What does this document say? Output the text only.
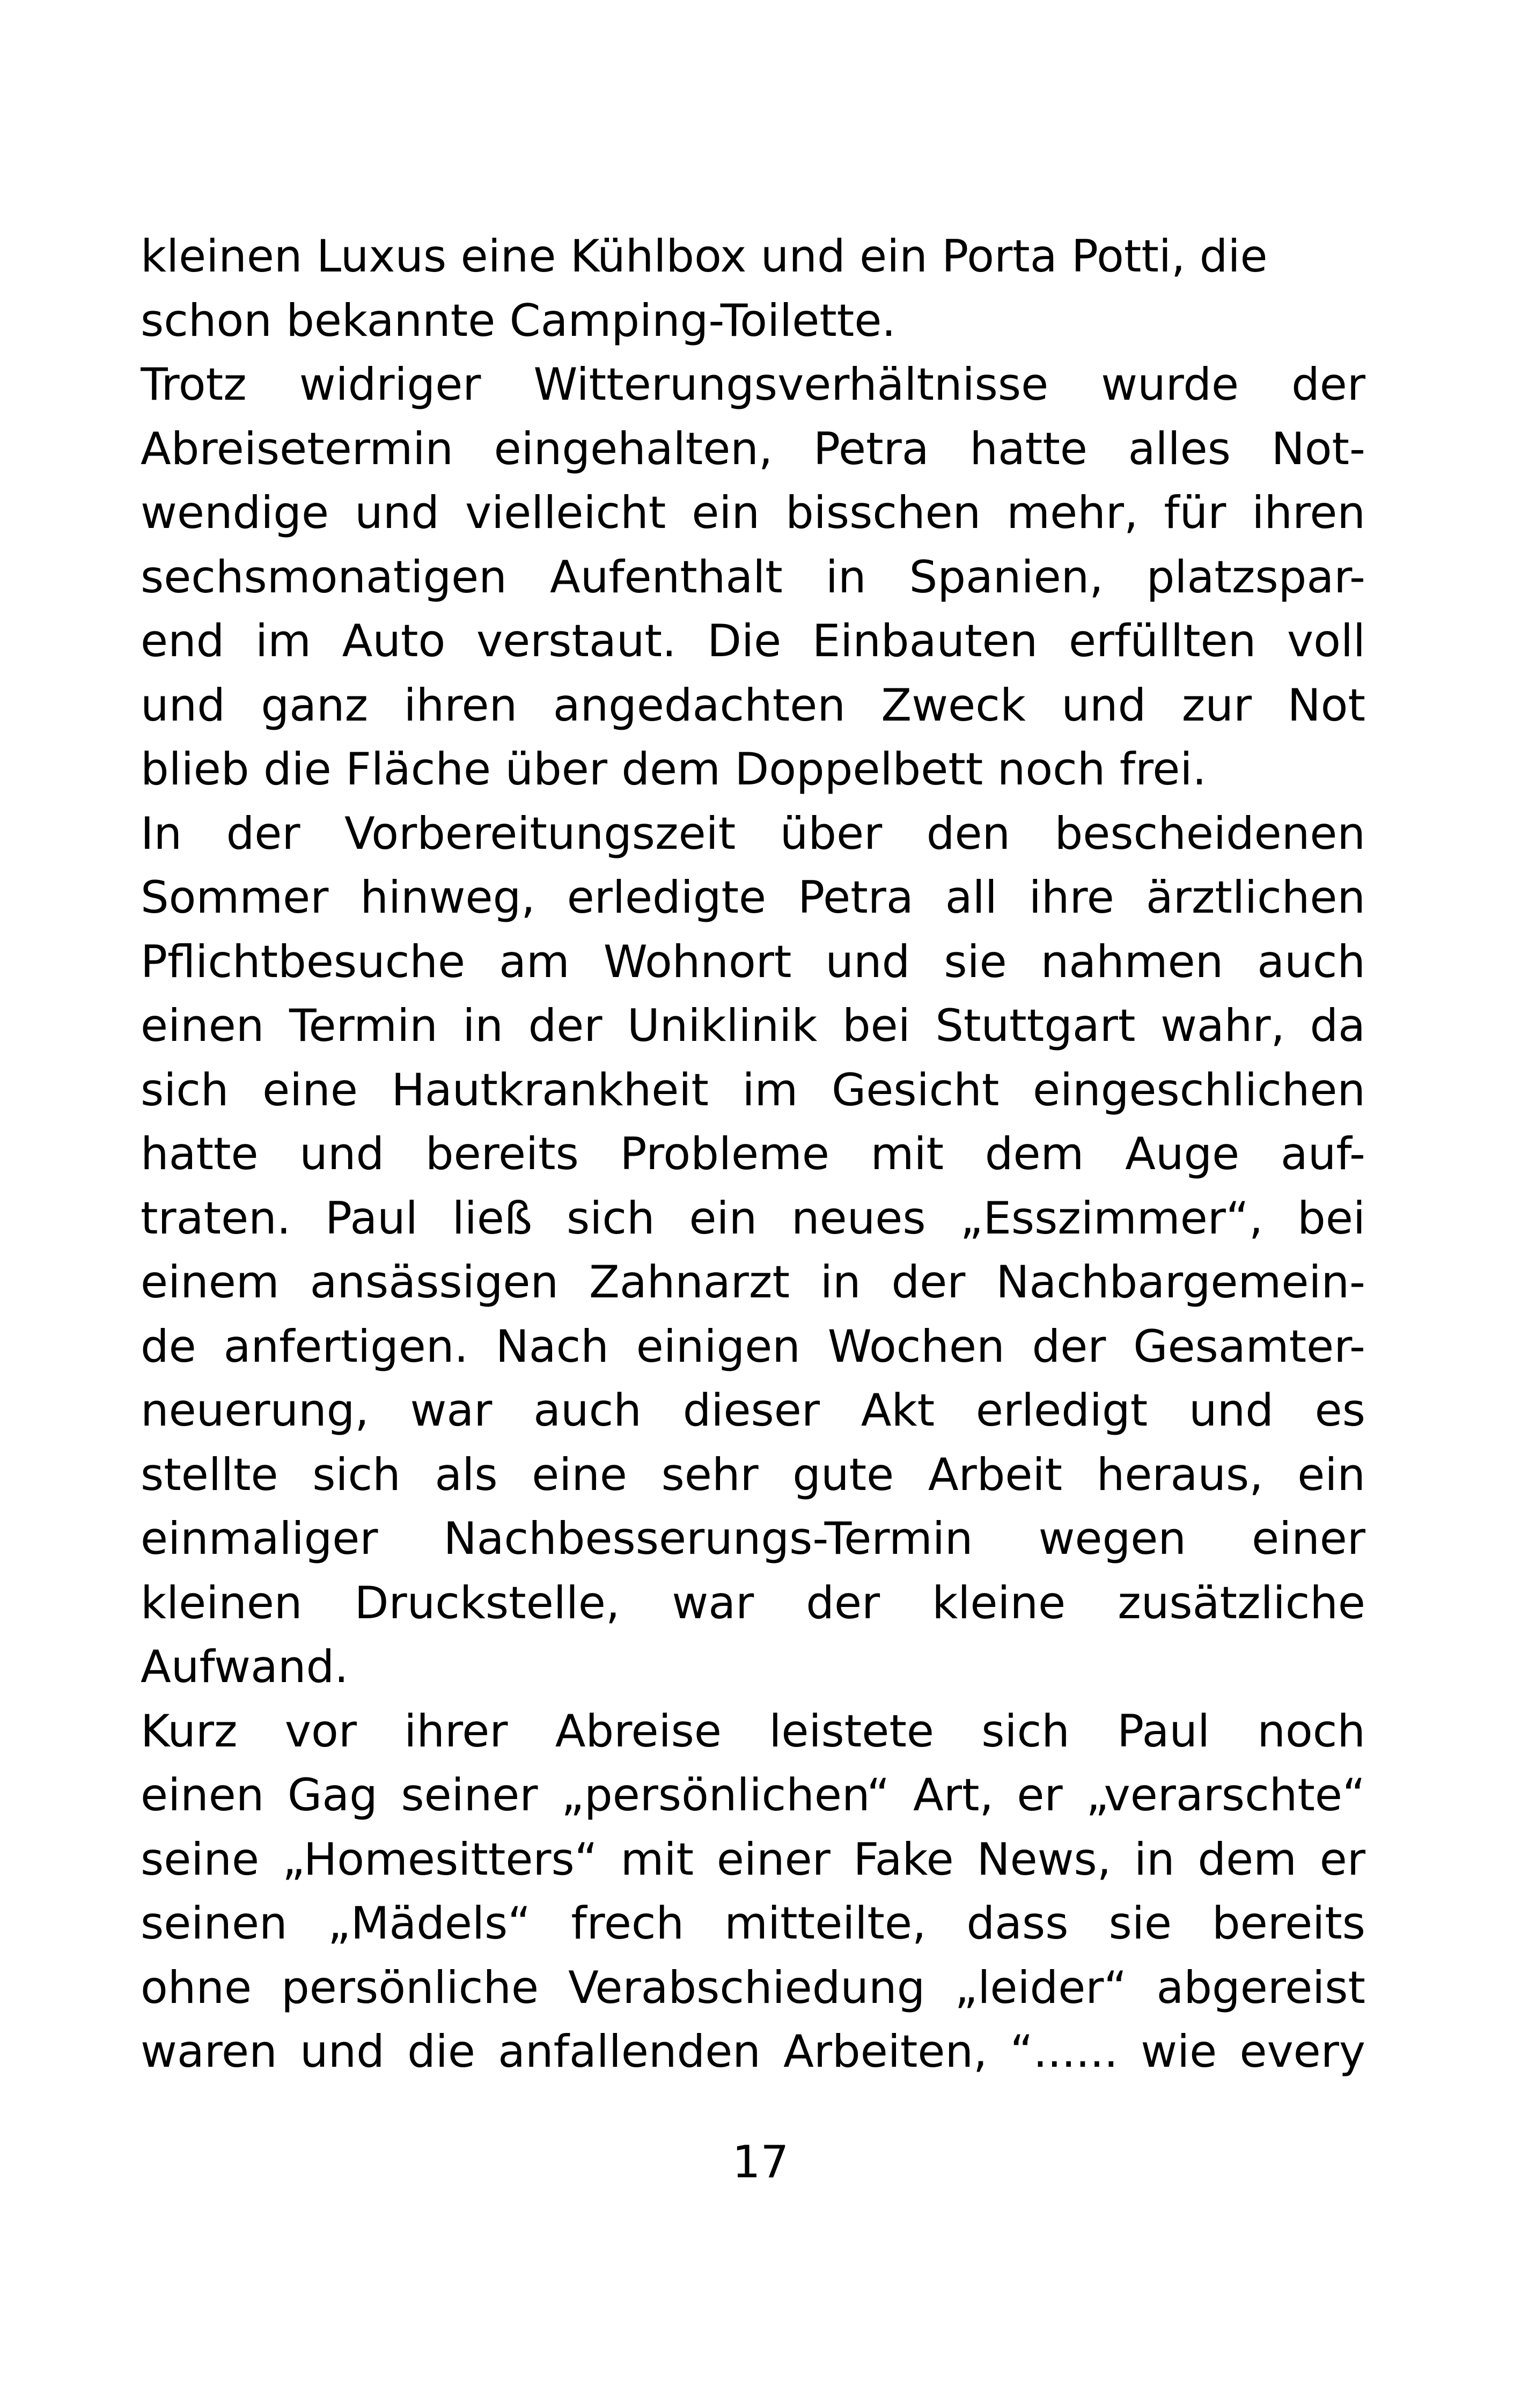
kleinen Luxus eine Kühlbox und ein Porta Potti, die
schon bekannte Camping-Toilette.
Trotz widriger Witterungsverhältnisse wurde der
Abreisetermin eingehalten, Petra hatte alles Not-
wendige und vielleicht ein bisschen mehr, für ihren
sechsmonatigen Aufenthalt in Spanien, platzspar-
end im Auto verstaut. Die Einbauten erfüllten voll
und ganz ihren angedachten Zweck und zur Not
blieb die Fläche über dem Doppelbett noch frei.
In der Vorbereitungszeit über den bescheidenen
Sommer hinweg, erledigte Petra all ihre ärztlichen
Pflichtbesuche am Wohnort und sie nahmen auch
einen Termin in der Uniklinik bei Stuttgart wahr, da
sich eine Hautkrankheit im Gesicht eingeschlichen
hatte und bereits Probleme mit dem Auge auf-
traten. Paul ließ sich ein neues „Esszimmer“, bei
einem ansässigen Zahnarzt in der Nachbargemein-
de anfertigen. Nach einigen Wochen der Gesamter-
neuerung, war auch dieser Akt erledigt und es
stellte sich als eine sehr gute Arbeit heraus, ein
einmaliger Nachbesserungs-Termin wegen einer
kleinen Druckstelle, war der kleine zusätzliche
Aufwand.
Kurz vor ihrer Abreise leistete sich Paul noch
einen Gag seiner „persönlichen“ Art, er „verarschte“
seine „Homesitters“ mit einer Fake News, in dem er
seinen „Mädels“ frech mitteilte, dass sie bereits
ohne persönliche Verabschiedung „leider“ abgereist
waren und die anfallenden Arbeiten, “...... wie every
17
